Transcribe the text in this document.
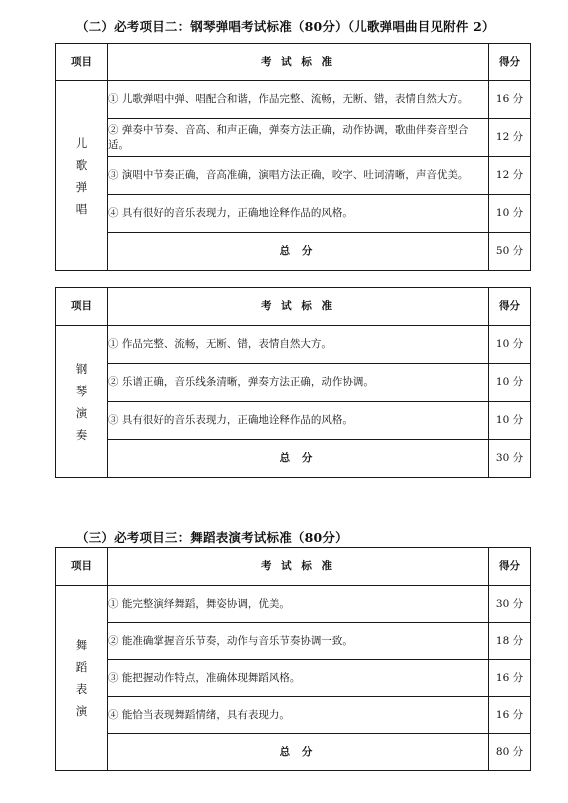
（二）必考项目二：钢琴弹唱考试标准（80分）（儿歌弹唱曲目见附件 2）
项目	考 试 标 准	得分

儿
歌
弹
唱	① 儿歌弹唱中弹、唱配合和谐，作品完整、流畅，无断、错，表情自然大方。	16 分
	② 弹奏中节奏、音高、和声正确，弹奏方法正确，动作协调，歌曲伴奏音型合适。	12 分
	③ 演唱中节奏正确，音高准确，演唱方法正确，咬字、吐词清晰，声音优美。	12 分
	④ 具有很好的音乐表现力，正确地诠释作品的风格。	10 分
	总 分	50 分
项目	考 试 标 准	得分

钢
琴
演
奏	① 作品完整、流畅，无断、错，表情自然大方。	10 分
	② 乐谱正确，音乐线条清晰，弹奏方法正确，动作协调。	10 分
	③ 具有很好的音乐表现力，正确地诠释作品的风格。	10 分
	总 分	30 分
（三）必考项目三：舞蹈表演考试标准（80分）
项目	考 试 标 准	得分

舞
蹈
表
演	① 能完整演绎舞蹈，舞姿协调，优美。	30 分
	② 能准确掌握音乐节奏，动作与音乐节奏协调一致。	18 分
	③ 能把握动作特点，准确体现舞蹈风格。	16 分
	④ 能恰当表现舞蹈情绪，具有表现力。	16 分
	总 分	80 分
